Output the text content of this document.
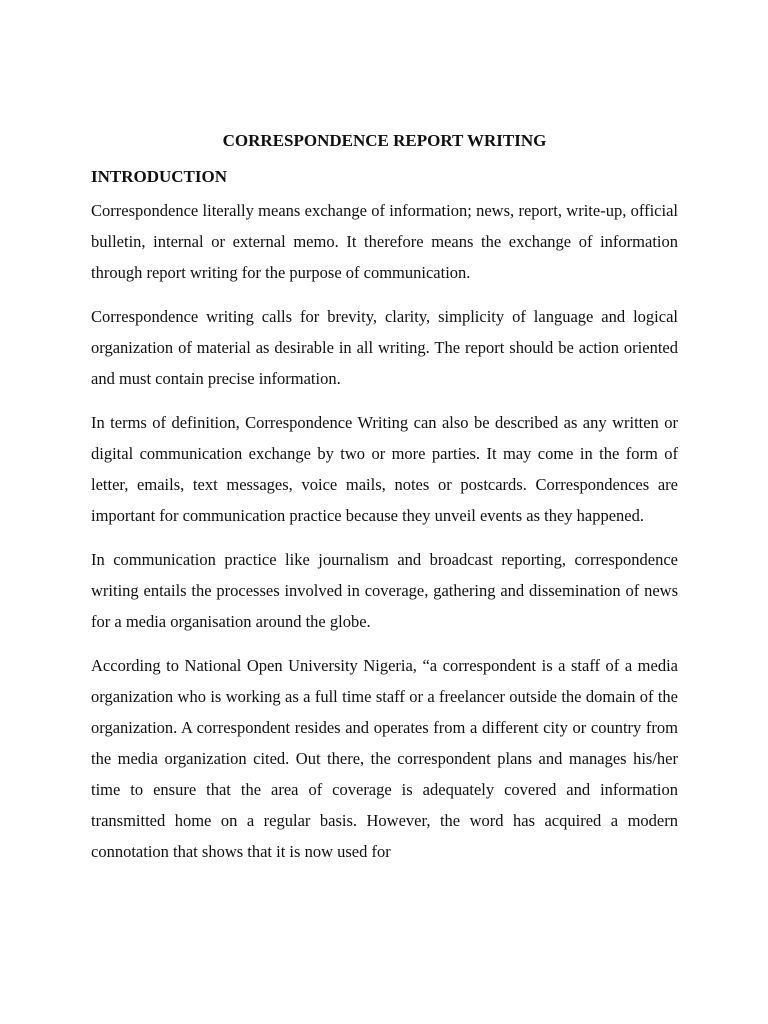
CORRESPONDENCE REPORT WRITING
INTRODUCTION

Correspondence literally means exchange of information; news, report, write-up, official bulletin, internal or external memo. It therefore means the exchange of information through report writing for the purpose of communication.

Correspondence writing calls for brevity, clarity, simplicity of language and logical organization of material as desirable in all writing. The report should be action oriented and must contain precise information.

In terms of definition, Correspondence Writing can also be described as any written or digital communication exchange by two or more parties. It may come in the form of letter, emails, text messages, voice mails, notes or postcards. Correspondences are important for communication practice because they unveil events as they happened.

In communication practice like journalism and broadcast reporting, correspondence writing entails the processes involved in coverage, gathering and dissemination of news for a media organisation around the globe.

According to National Open University Nigeria, “a correspondent is a staff of a media organization who is working as a full time staff or a freelancer outside the domain of the organization. A correspondent resides and operates from a different city or country from the media organization cited. Out there, the correspondent plans and manages his/her time to ensure that the area of coverage is adequately covered and information transmitted home on a regular basis. However, the word has acquired a modern connotation that shows that it is now used for
